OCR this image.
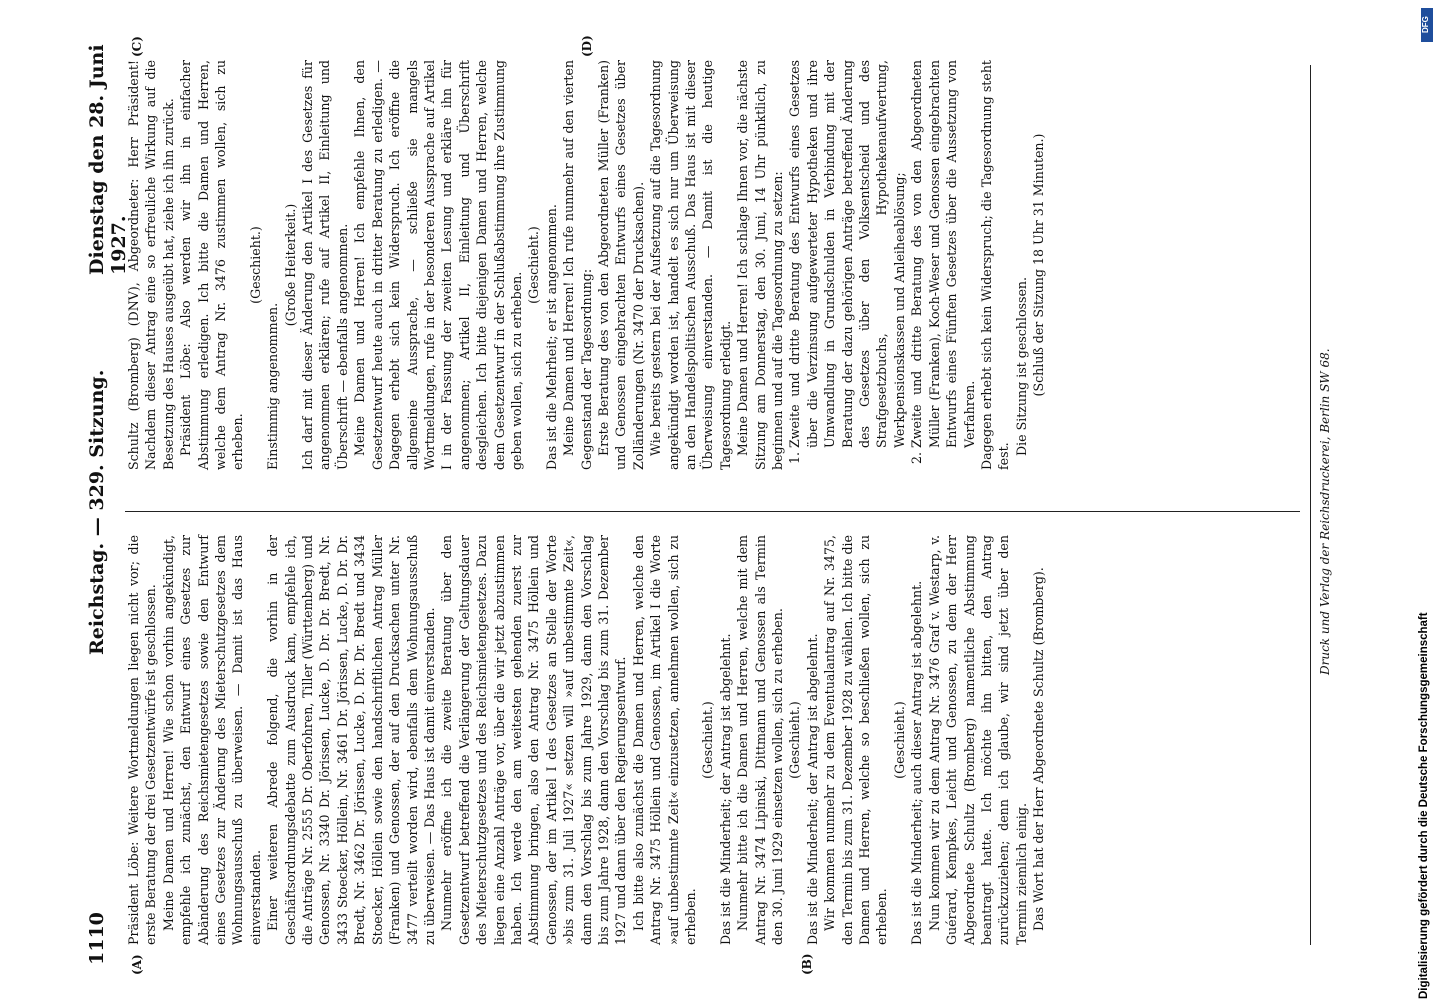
1110
Reichstag. — 329. Sitzung.
Dienstag den 28. Juni 1927.
(A)	(B)
(C)	(D)

Präsident Löbe: Weitere Wortmeldungen liegen nicht vor; die erste Beratung der drei Gesetzentwürfe ist geschlossen. Meine Damen und Herren! Wie schon vorhin angekündigt, empfehle ich zunächst, den Entwurf eines Gesetzes zur Abänderung des Reichsmietengesetzes sowie den Entwurf eines Gesetzes zur Änderung des Mieterschutzgesetzes dem Wohnungsausschuß zu überweisen. — Damit ist das Haus einverstanden. Einer weiteren Abrede folgend, die vorhin in der Geschäftsordnungsdebatte zum Ausdruck kam, empfehle ich, die Anträge Nr. 2555 Dr. Oberfohren, Tiller (Württemberg) und Genossen, Nr. 3340 Dr. Jörissen, Lucke, D. Dr. Dr. Bredt, Nr. 3433 Stoecker, Höllein, Nr. 3461 Dr. Jörissen, Lucke, D. Dr. Dr. Bredt, Nr. 3462 Dr. Jörissen, Lucke, D. Dr. Dr. Bredt und 3434 Stoecker, Höllein sowie den handschriftlichen Antrag Müller (Franken) und Genossen, der auf den Drucksachen unter Nr. 3477 verteilt worden wird, ebenfalls dem Wohnungsausschuß zu überweisen. — Das Haus ist damit einverstanden. Nunmehr eröffne ich die zweite Beratung über den Gesetzentwurf betreffend die Verlängerung der Geltungsdauer des Mieterschutzgesetzes und des Reichsmietengesetzes. Dazu liegen eine Anzahl Anträge vor, über die wir jetzt abzustimmen haben. Ich werde den am weitesten gehenden zuerst zur Abstimmung bringen, also den Antrag Nr. 3475 Höllein und Genossen, der im Artikel I des Gesetzes an Stelle der Worte »bis zum 31. Juli 1927« setzen will »auf unbestimmte Zeit«, dann den Vorschlag bis zum Jahre 1929, dann den Vorschlag bis zum Jahre 1928, dann den Vorschlag bis zum 31. Dezember 1927 und dann über den Regierungsentwurf. Ich bitte also zunächst die Damen und Herren, welche den Antrag Nr. 3475 Höllein und Genossen, im Artikel I die Worte »auf unbestimmte Zeit« einzusetzen, annehmen wollen, sich zu erheben.

(Geschieht.) Das ist die Minderheit; der Antrag ist abgelehnt. Nunmehr bitte ich die Damen und Herren, welche mit dem Antrag Nr. 3474 Lipinski, Dittmann und Genossen als Termin den 30. Juni 1929 einsetzen wollen, sich zu erheben. (Geschieht.) Das ist die Minderheit; der Antrag ist abgelehnt. Wir kommen nunmehr zu dem Eventualantrag auf Nr. 3475, den Termin bis zum 31. Dezember 1928 zu wählen. Ich bitte die Damen und Herren, welche so beschließen wollen, sich zu erheben.

(Geschieht.) Das ist die Minderheit; auch dieser Antrag ist abgelehnt. Nun kommen wir zu dem Antrag Nr. 3476 Graf v. Westarp, v. Guérard, Kempkes, Leicht und Genossen, zu dem der Herr Abgeordnete Schultz (Bromberg) namentliche Abstimmung beantragt hatte. Ich möchte ihn bitten, den Antrag zurückzuziehen; denn ich glaube, wir sind jetzt über den Termin ziemlich einig. Das Wort hat der Herr Abgeordnete Schultz (Bromberg).

Schultz (Bromberg) (DNV), Abgeordneter: Herr Präsident! Nachdem dieser Antrag eine so erfreuliche Wirkung auf die Besetzung des Hauses ausgeübt hat, ziehe ich ihn zurück. Präsident Löbe: Also werden wir ihn in einfacher Abstimmung erledigen. Ich bitte die Damen und Herren, welche dem Antrag Nr. 3476 zustimmen wollen, sich zu erheben.

(Geschieht.)

Einstimmig angenommen.

(Große Heiterkeit.) Ich darf mit dieser Änderung den Artikel I des Gesetzes für angenommen erklären; rufe auf Artikel II, Einleitung und Überschrift — ebenfalls angenommen. Meine Damen und Herren! Ich empfehle Ihnen, den Gesetzentwurf heute auch in dritter Beratung zu erledigen. — Dagegen erhebt sich kein Widerspruch. Ich eröffne die allgemeine Aussprache, — schließe sie mangels Wortmeldungen, rufe in der besonderen Aussprache auf Artikel I in der Fassung der zweiten Lesung und erkläre ihn für angenommen; Artikel II, Einleitung und Überschrift desgleichen. Ich bitte diejenigen Damen und Herren, welche dem Gesetzentwurf in der Schlußabstimmung ihre Zustimmung geben wollen, sich zu erheben.

(Geschieht.) Das ist die Mehrheit; er ist angenommen. Meine Damen und Herren! Ich rufe nunmehr auf den vierten Gegenstand der Tagesordnung: Erste Beratung des von den Abgeordneten Müller (Franken) und Genossen eingebrachten Entwurfs eines Gesetzes über Zolländerungen (Nr. 3470 der Drucksachen). Wie bereits gestern bei der Aufsetzung auf die Tagesordnung angekündigt worden ist, handelt es sich nur um Überweisung an den Handelspolitischen Ausschuß. Das Haus ist mit dieser Überweisung einverstanden. — Damit ist die heutige Tagesordnung erledigt. Meine Damen und Herren! Ich schlage Ihnen vor, die nächste Sitzung am Donnerstag, den 30. Juni, 14 Uhr pünktlich, zu beginnen und auf die Tagesordnung zu setzen: 1. Zweite und dritte Beratung des Entwurfs eines Gesetzes über die Verzinsung aufgewerteter Hypotheken und ihre Umwandlung in Grundschulden in Verbindung mit der Beratung der dazu gehörigen Anträge betreffend Änderung des Gesetzes über den Volksentscheid und des Strafgesetzbuchs, Hypothekenaufwertung, Werkpensionskassen und Anleiheablösung; 2. Zweite und dritte Beratung des von den Abgeordneten Müller (Franken), Koch-Weser und Genossen eingebrachten Entwurfs eines Fünften Gesetzes über die Aussetzung von Verfahren. Dagegen erhebt sich kein Widerspruch; die Tagesordnung steht fest.

Die Sitzung ist geschlossen. (Schluß der Sitzung 18 Uhr 31 Minuten.)

Druck und Verlag der Reichsdruckerei, Berlin SW 68.
DFG
Digitalisierung gefördert durch die Deutsche Forschungsgemeinschaft
